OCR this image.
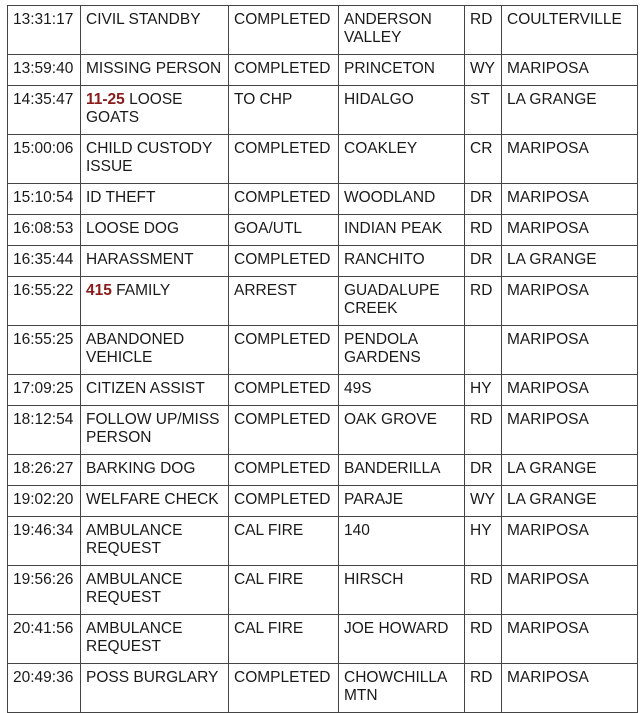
13:31:17	CIVIL STANDBY	COMPLETED	ANDERSON VALLEY	RD	COULTERVILLE
13:59:40	MISSING PERSON	COMPLETED	PRINCETON	WY	MARIPOSA
14:35:47	11-25 LOOSE GOATS	TO CHP	HIDALGO	ST	LA GRANGE
15:00:06	CHILD CUSTODY ISSUE	COMPLETED	COAKLEY	CR	MARIPOSA
15:10:54	ID THEFT	COMPLETED	WOODLAND	DR	MARIPOSA
16:08:53	LOOSE DOG	GOA/UTL	INDIAN PEAK	RD	MARIPOSA
16:35:44	HARASSMENT	COMPLETED	RANCHITO	DR	LA GRANGE
16:55:22	415 FAMILY	ARREST	GUADALUPE CREEK	RD	MARIPOSA
16:55:25	ABANDONED VEHICLE	COMPLETED	PENDOLA GARDENS		MARIPOSA
17:09:25	CITIZEN ASSIST	COMPLETED	49S	HY	MARIPOSA
18:12:54	FOLLOW UP/MISS PERSON	COMPLETED	OAK GROVE	RD	MARIPOSA
18:26:27	BARKING DOG	COMPLETED	BANDERILLA	DR	LA GRANGE
19:02:20	WELFARE CHECK	COMPLETED	PARAJE	WY	LA GRANGE
19:46:34	AMBULANCE REQUEST	CAL FIRE	140	HY	MARIPOSA
19:56:26	AMBULANCE REQUEST	CAL FIRE	HIRSCH	RD	MARIPOSA
20:41:56	AMBULANCE REQUEST	CAL FIRE	JOE HOWARD	RD	MARIPOSA
20:49:36	POSS BURGLARY	COMPLETED	CHOWCHILLA MTN	RD	MARIPOSA
